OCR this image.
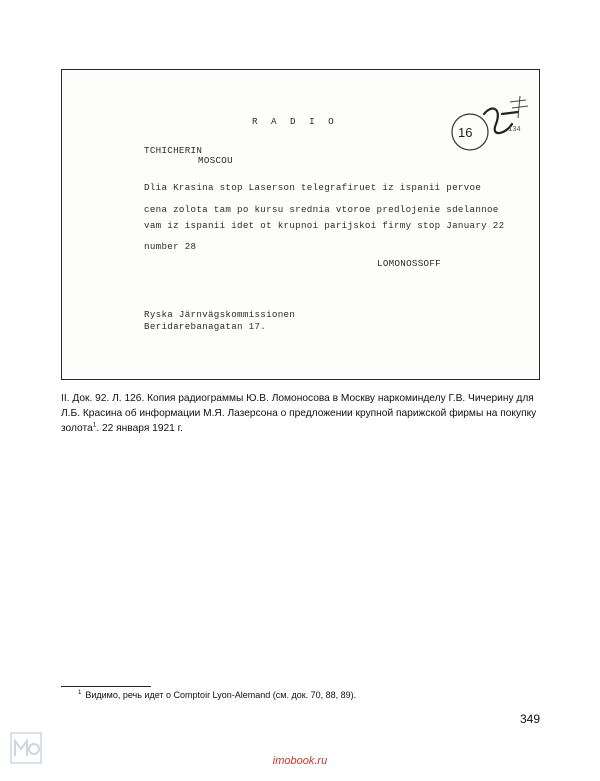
R A D I O
16	134
TCHICHERIN
MOSCOU
Dlia Krasina stop Laserson telegrafiruet iz ispanii pervoe
cena zolota tam po kursu srednia vtoroe predlojenie sdelannoe
vam iz ispanii idet ot krupnoi parijskoi firmy stop January 22
number 28
LOMONOSSOFF
Ryska Järnvägskommissionen
Beridarebanagatan 17.

II. Док. 92. Л. 126. Копия радиограммы Ю.В. Ломоносова в Москву наркоминделу Г.В. Чичерину для Л.Б. Красина об информации М.Я. Лазерсона о предложении крупной парижской фирмы на покупку золота$^1$. 22 января 1921 г.

$^1$ Видимо, речь идет о Comptoir Lyon-Alemand (см. док. 70, 88, 89).
349
imobook.ru
